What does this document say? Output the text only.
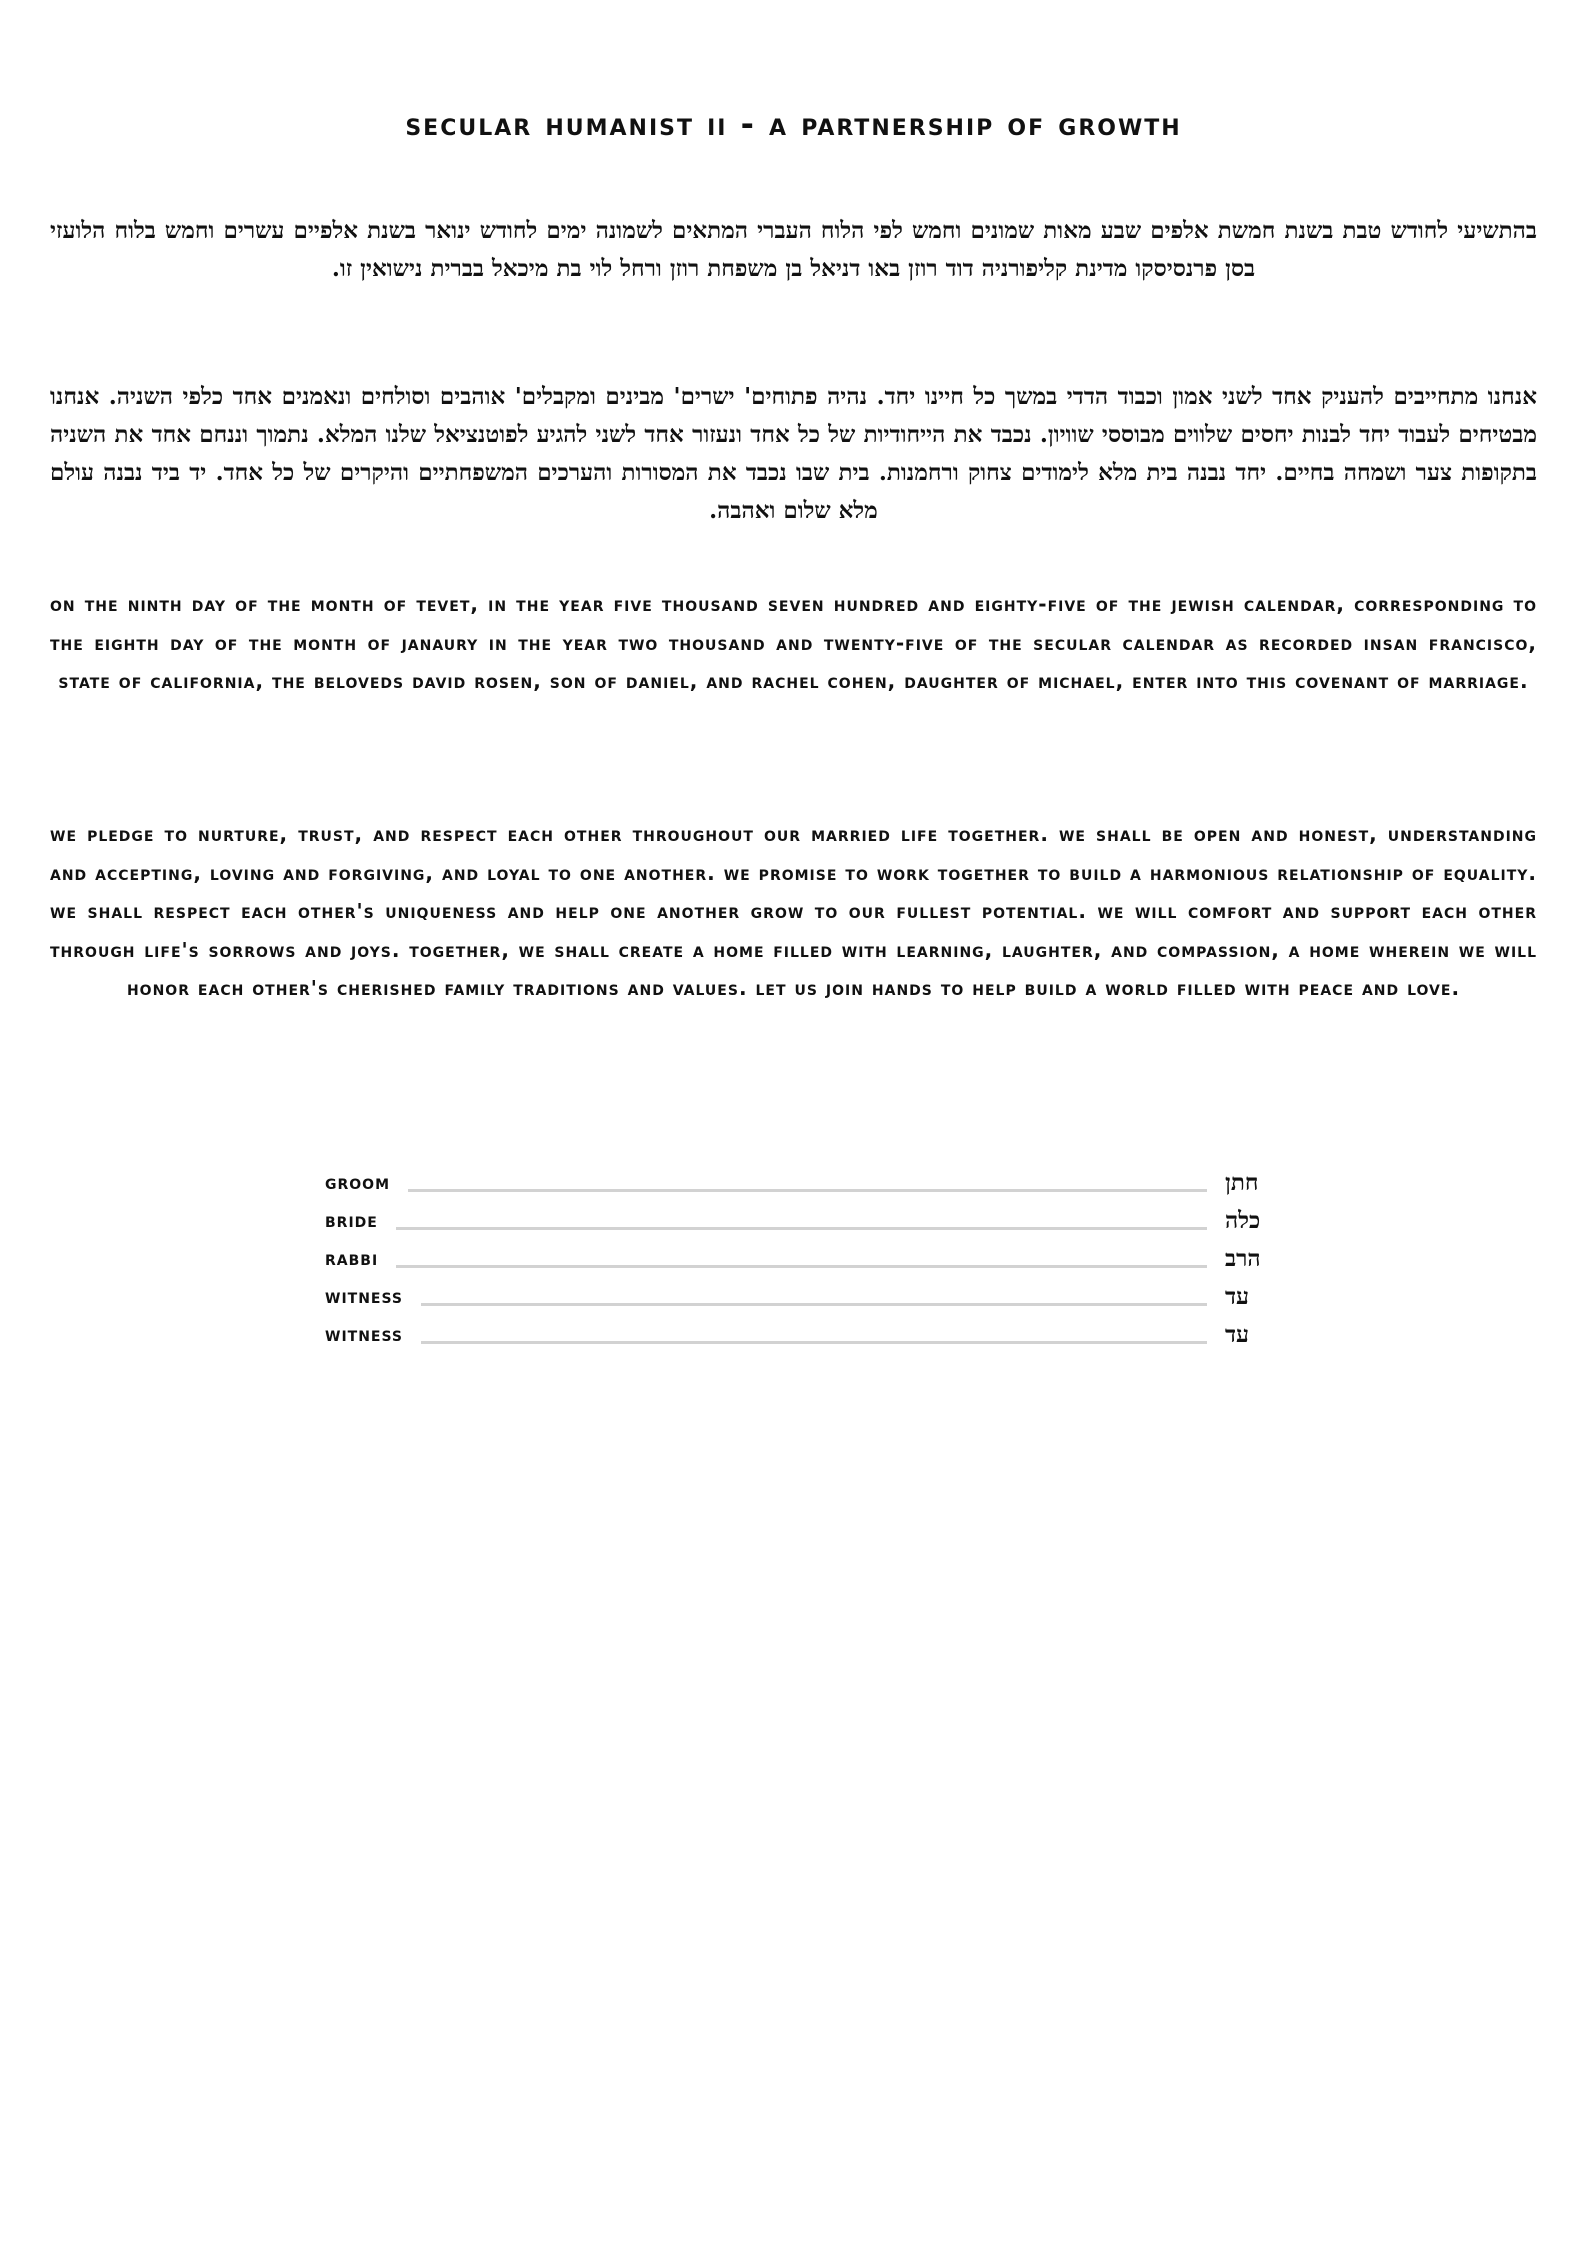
secular humanist ii - a partnership of growth
בהתשיעי לחודש טבת בשנת חמשת אלפים שבע מאות שמונים וחמש לפי הלוח העברי המתאים לשמונה ימים לחודש ינואר בשנת אלפיים עשרים וחמש בלוח הלועזי בסן פרנסיסקו מדינת קליפורניה דוד רוזן באו דניאל בן משפחת רוזן ורחל לוי בת מיכאל בברית נישואין זו.
אנחנו מתחייבים להעניק אחד לשני אמון וכבוד הדדי במשך כל חיינו יחד. נהיה פתוחים' ישרים' מבינים ומקבלים' אוהבים וסולחים ונאמנים אחד כלפי השניה. אנחנו מבטיחים לעבוד יחד לבנות יחסים שלווים מבוססי שוויון. נכבד את הייחודיות של כל אחד ונעזור אחד לשני להגיע לפוטנציאל שלנו המלא. נתמוך וננחם אחד את השניה בתקופות צער ושמחה בחיים. יחד נבנה בית מלא לימודים צחוק ורחמנות. בית שבו נכבד את המסורות והערכים המשפחתיים והיקרים של כל אחד. יד ביד נבנה עולם מלא שלום ואהבה.
on the ninth day of the month of tevet, in the year five thousand seven hundred and eighty-five of the jewish calendar, corresponding to the eighth day of the month of janaury in the year two thousand and twenty-five of the secular calendar as recorded insan francisco, state of california, the beloveds david rosen, son of daniel, and rachel cohen, daughter of michael, enter into this covenant of marriage.
we pledge to nurture, trust, and respect each other throughout our married life together. we shall be open and honest, understanding and accepting, loving and forgiving, and loyal to one another. we promise to work together to build a harmonious relationship of equality. we shall respect each other's uniqueness and help one another grow to our fullest potential. we will comfort and support each other through life's sorrows and joys. together, we shall create a home filled with learning, laughter, and compassion, a home wherein we will honor each other's cherished family traditions and values. let us join hands to help build a world filled with peace and love.
groom	חתן
bride	כלה
rabbi	הרב
witness	עד
witness	עד
